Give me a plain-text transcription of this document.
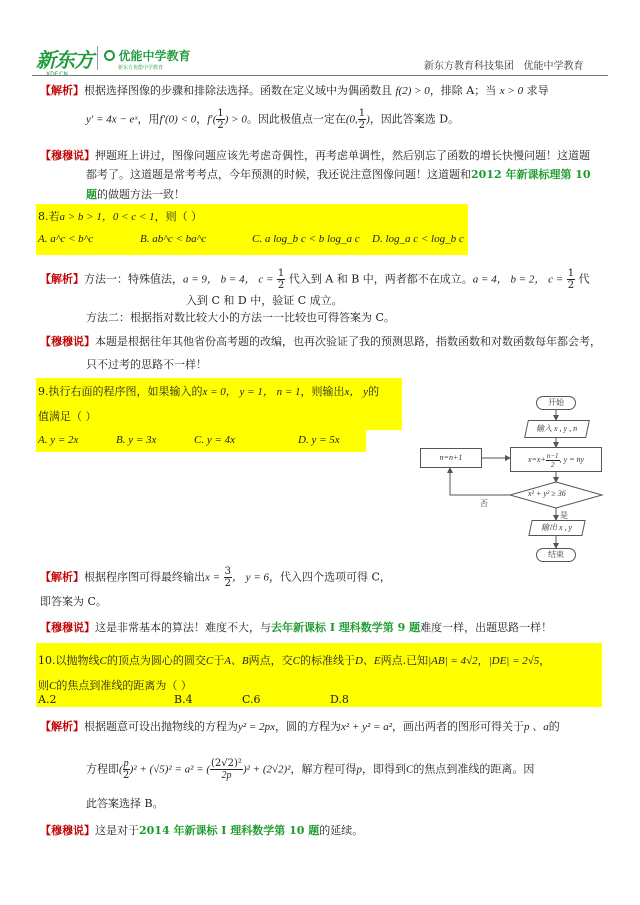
新东方	优能中学教育
新东方优能中学教育	新东方教育科技集团   优能中学教育
【解析】根据选择图像的步骤和排除法选择。函数在定义域中为偶函数且 f(2) > 0，排除 A；当 x > 0 求导
y′ = 4x − eˣ，用f′(0) < 0，$f'( \frac{1}{2}$ ) > 0。因此极值点一定在(0, $\frac{1}{2}$ )，因此答案选 D。
【穆穆说】押题班上讲过，图像问题应该先考虑奇偶性，再考虑单调性，然后别忘了函数的增长快慢问题！这道题
都考了。这道题是常考考点，今年预测的时候，我还说注意图像问题！这道题和2012 年新课标理第 10
题的做题方法一致！
8.若a > b > 1，0 < c < 1，则（ ）
A. a^c < b^c	B. ab^c < ba^c	C. a log_b c < b log_a c D. log_a c < log_b c
【解析】方法一：特殊值法，a = 9， b = 4， $c = \frac{1}{2}$ 代入到 A 和 B 中，两者都不在成立。a = 4， b = 2， $c = \frac{1}{2}$ 代
入到 C 和 D 中，验证 C 成立。
方法二：根据指对数比较大小的方法一一比较也可得答案为 C。
【穆穆说】本题是根据往年其他省份高考题的改编，也再次验证了我的预测思路，指数函数和对数函数每年都会考，
只不过考的思路不一样！
9.执行右面的程序图，如果输入的x = 0， y = 1， n = 1，则输出x， y的
值满足（ ）
A. y = 2x	B. y = 3x	C. y = 4x	D. y = 5x
开始
输入 x , y , n
$x=x+ \frac{n-1}{2}$ , y = ny
n=n+1
x² + y² ≥ 36
否
是
输出 x , y
结束
【解析】根据程序图可得最终输出$x = \frac{3}{2}$ ， y = 6，代入四个选项可得 C，
即答案为 C。
【穆穆说】这是非常基本的算法！难度不大，与去年新课标 I 理科数学第 9 题难度一样，出题思路一样！
10.以抛物线C的顶点为圆心的圆交C于A、B两点，交C的标准线于D、E两点.已知|AB| = 4√2，|DE| = 2√5，
则C的焦点到准线的距离为（ ）
A.2	B.4	C.6	D.8
【解析】根据题意可设出抛物线的方程为y² = 2px，圆的方程为x² + y² = a²，画出两者的图形可得关于p 、a的
方程即( $\frac{p}{2} )^2 + (√5)^2 = a^2$ = ( $\frac{\text{(2√2)²}}{2p} )^2 + (2√2)^2$，解方程可得p，即得到C的焦点到准线的距离。因
此答案选择 B。
【穆穆说】这是对于2014 年新课标 I 理科数学第 10 题的延续。
